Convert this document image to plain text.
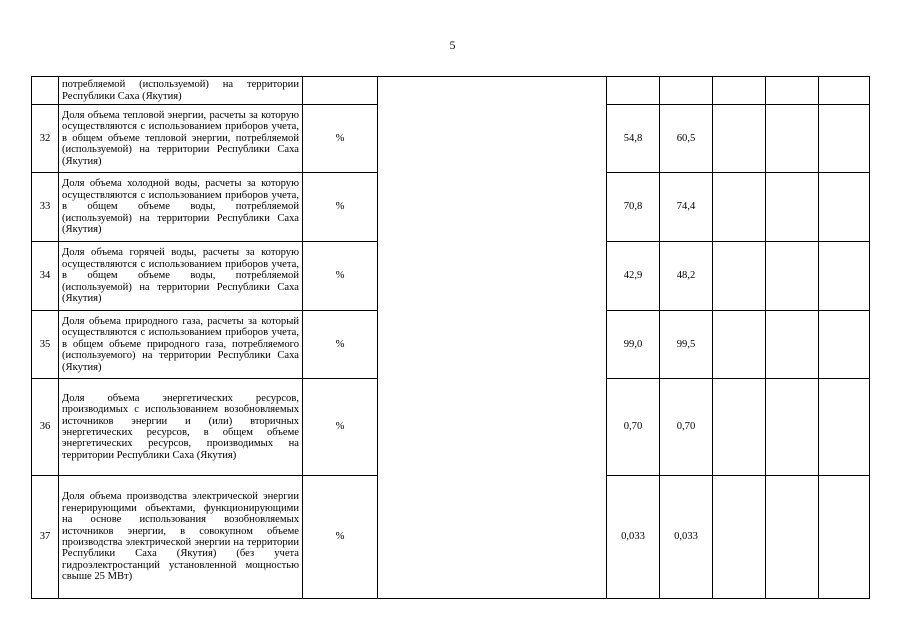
5

	потребляемой (используемой) на территории Республики Саха (Якутия)							

32	Доля объема тепловой энергии, расчеты за которую осуществляются с использованием приборов учета, в общем объеме тепловой энергии, потребляемой (используемой) на территории Республики Саха (Якутия)	%		54,8	60,5			
33	Доля объема холодной воды, расчеты за которую осуществляются с использованием приборов учета, в общем объеме воды, потребляемой (используемой) на территории Республики Саха (Якутия)	%		70,8	74,4			
34	Доля объема горячей воды, расчеты за которую осуществляются с использованием приборов учета, в общем объеме воды, потребляемой (используемой) на территории Республики Саха (Якутия)	%		42,9	48,2			
35	Доля объема природного газа, расчеты за который осуществляются с использованием приборов учета, в общем объеме природного газа, потребляемого (используемого) на территории Республики Саха (Якутия)	%		99,0	99,5			
36	Доля объема энергетических ресурсов, производимых с использованием возобновляемых источников энергии и (или) вторичных энергетических ресурсов, в общем объеме энергетических ресурсов, производимых на территории Республики Саха (Якутия)	%		0,70	0,70			
37	Доля объема производства электрической энергии генерирующими объектами, функционирующими на основе использования возобновляемых источников энергии, в совокупном объеме производства электрической энергии на территории Республики Саха (Якутия) (без учета гидроэлектростанций установленной мощностью свыше 25 МВт)	%		0,033	0,033			
